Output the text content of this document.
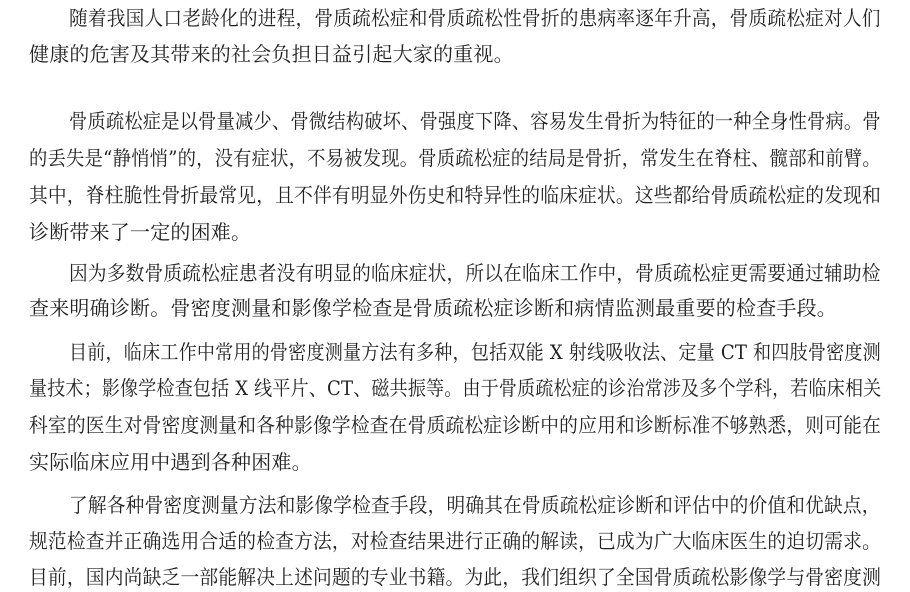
随着我国人口老龄化的进程，骨质疏松症和骨质疏松性骨折的患病率逐年升高，骨质疏松症对人们
健康的危害及其带来的社会负担日益引起大家的重视。
骨质疏松症是以骨量减少、骨微结构破坏、骨强度下降、容易发生骨折为特征的一种全身性骨病。骨
的丢失是“静悄悄”的，没有症状，不易被发现。骨质疏松症的结局是骨折，常发生在脊柱、髋部和前臂。
其中，脊柱脆性骨折最常见，且不伴有明显外伤史和特异性的临床症状。这些都给骨质疏松症的发现和
诊断带来了一定的困难。
因为多数骨质疏松症患者没有明显的临床症状，所以在临床工作中，骨质疏松症更需要通过辅助检
查来明确诊断。骨密度测量和影像学检查是骨质疏松症诊断和病情监测最重要的检查手段。
目前，临床工作中常用的骨密度测量方法有多种，包括双能 X 射线吸收法、定量 CT 和四肢骨密度测
量技术；影像学检查包括 X 线平片、CT、磁共振等。由于骨质疏松症的诊治常涉及多个学科，若临床相关
科室的医生对骨密度测量和各种影像学检查在骨质疏松症诊断中的应用和诊断标准不够熟悉，则可能在
实际临床应用中遇到各种困难。
了解各种骨密度测量方法和影像学检查手段，明确其在骨质疏松症诊断和评估中的价值和优缺点，
规范检查并正确选用合适的检查方法，对检查结果进行正确的解读，已成为广大临床医生的迫切需求。
目前，国内尚缺乏一部能解决上述问题的专业书籍。为此，我们组织了全国骨质疏松影像学与骨密度测
